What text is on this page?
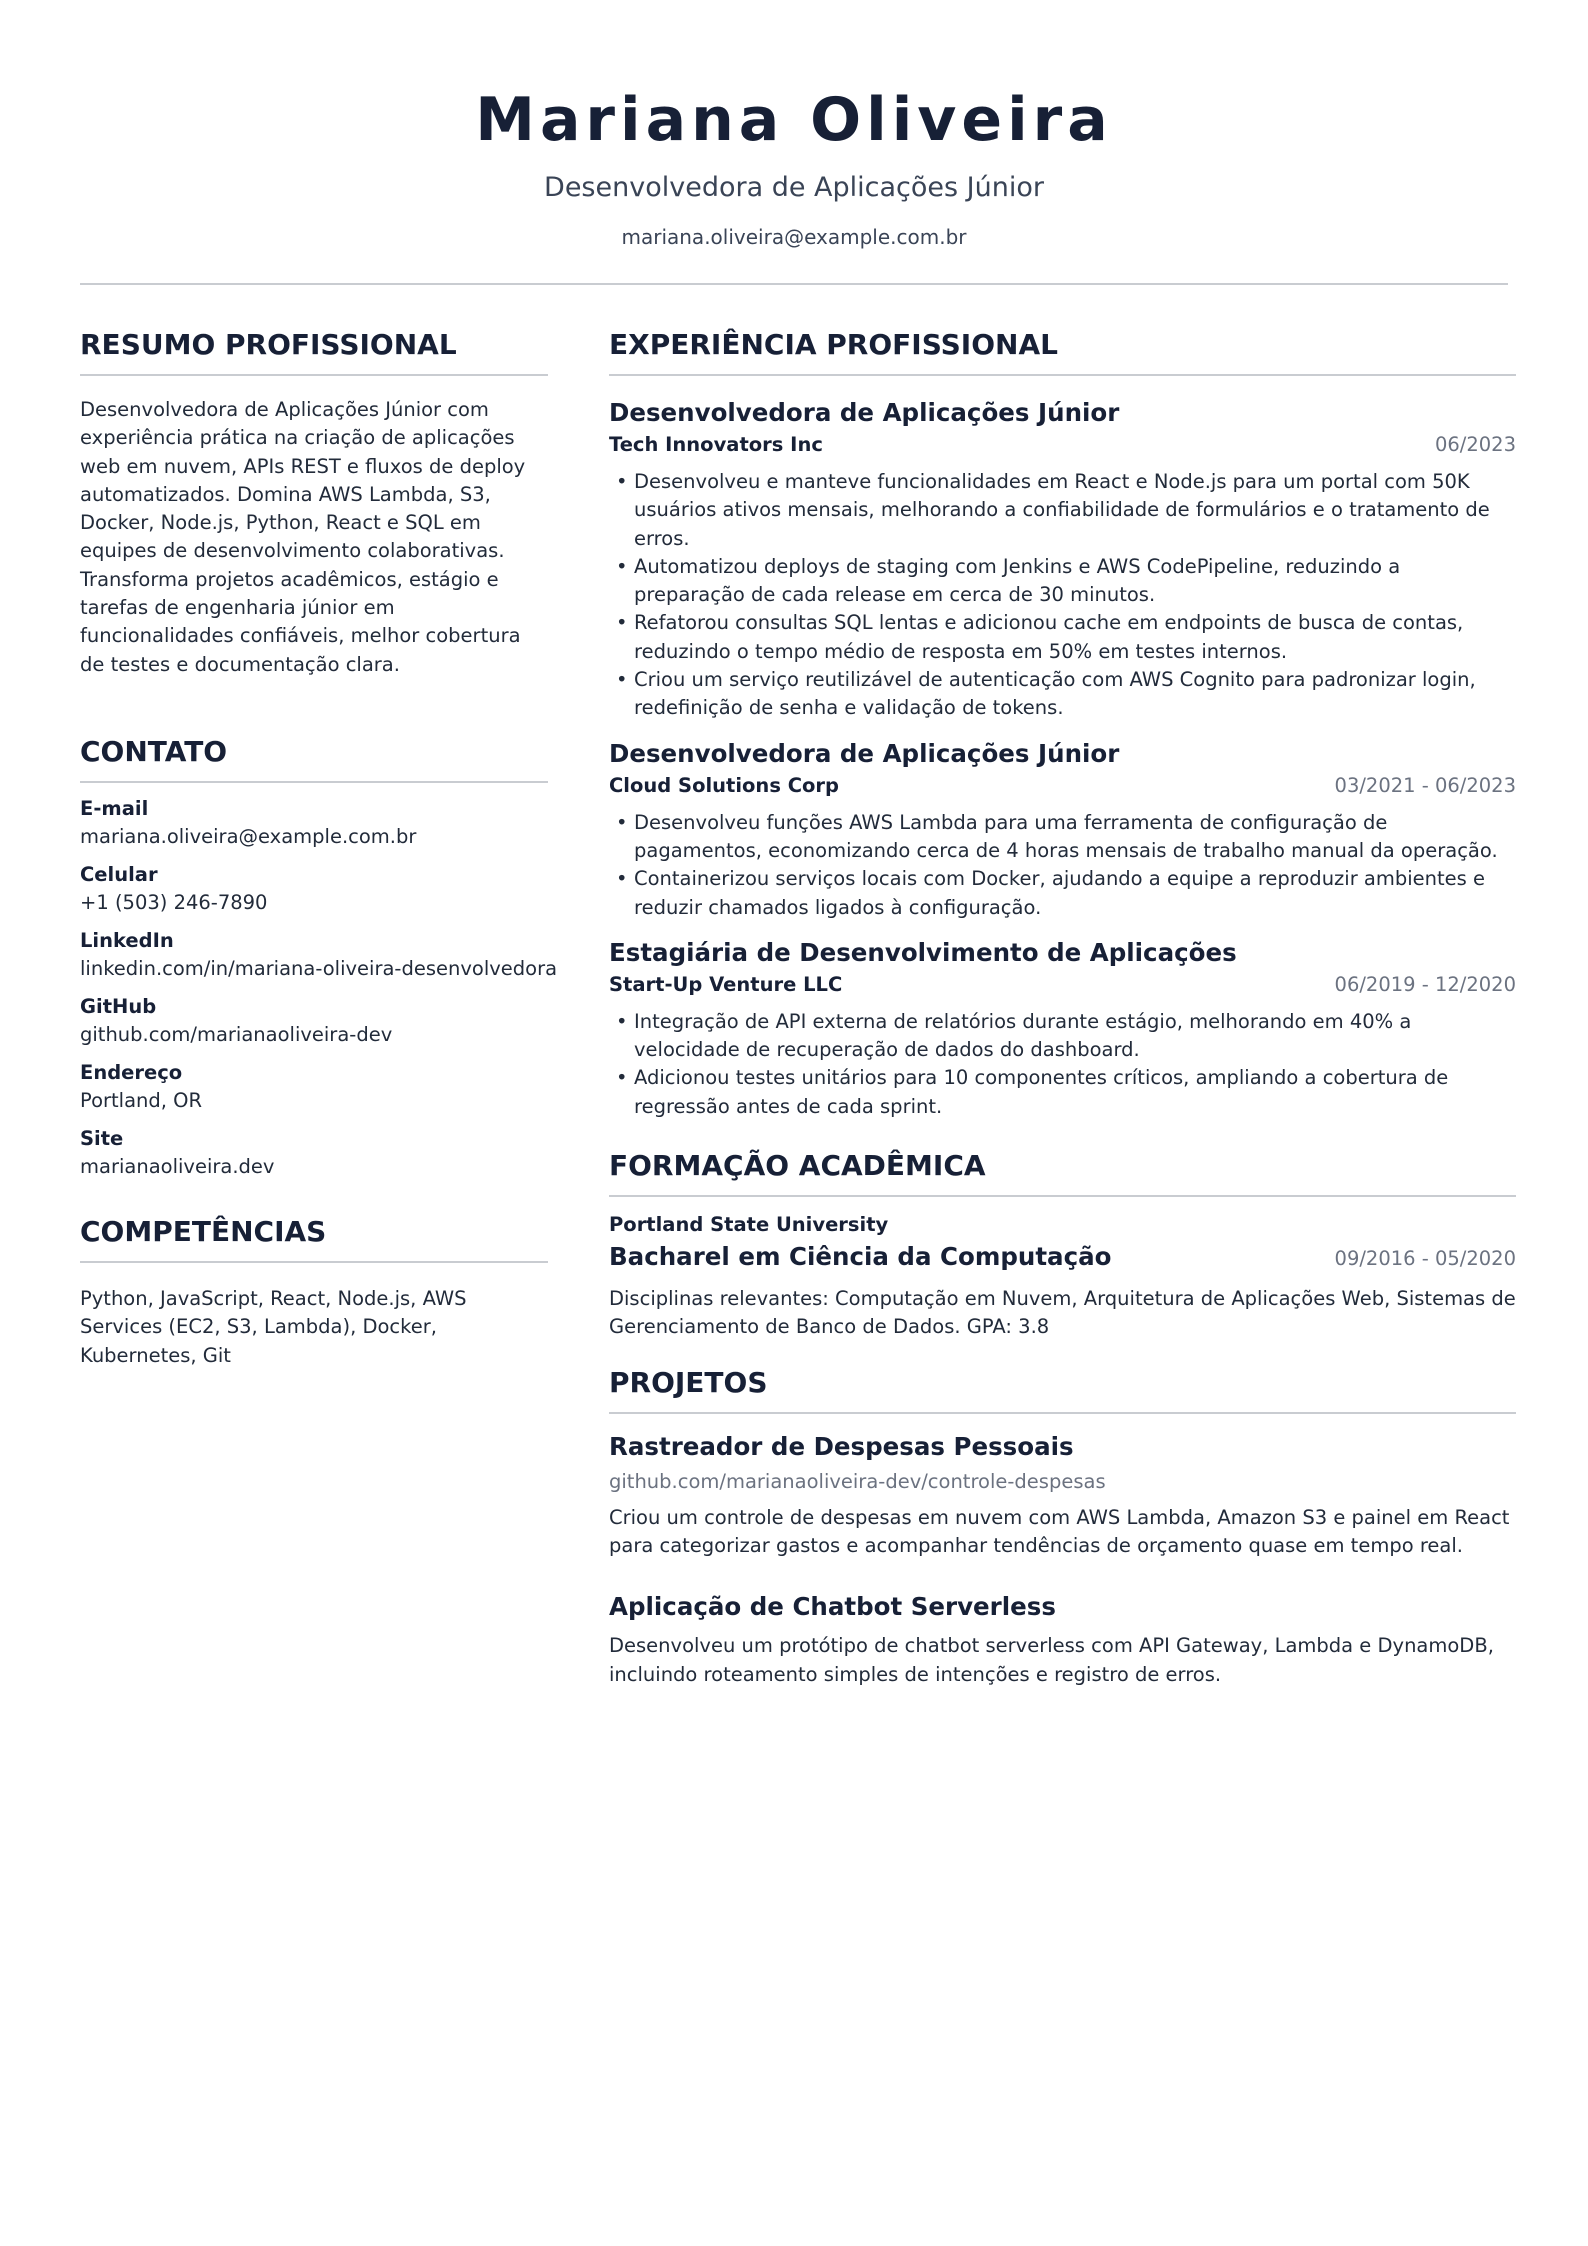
Mariana Oliveira
Desenvolvedora de Aplicações Júnior
mariana.oliveira@example.com.br
RESUMO PROFISSIONAL
Desenvolvedora de Aplicações Júnior com experiência prática na criação de aplicações web em nuvem, APIs REST e fluxos de deploy automatizados. Domina AWS Lambda, S3, Docker, Node.js, Python, React e SQL em equipes de desenvolvimento colaborativas. Transforma projetos acadêmicos, estágio e tarefas de engenharia júnior em funcionalidades confiáveis, melhor cobertura de testes e documentação clara.
CONTATO
E-mail
mariana.oliveira@example.com.br
Celular
+1 (503) 246-7890
LinkedIn
linkedin.com/in/mariana-oliveira-desenvolvedora
GitHub
github.com/marianaoliveira-dev
Endereço
Portland, OR
Site
marianaoliveira.dev
COMPETÊNCIAS
Python, JavaScript, React, Node.js, AWS Services (EC2, S3, Lambda), Docker, Kubernetes, Git
EXPERIÊNCIA PROFISSIONAL
Desenvolvedora de Aplicações Júnior
Tech Innovators Inc	06/2023
• Desenvolveu e manteve funcionalidades em React e Node.js para um portal com 50K usuários ativos mensais, melhorando a confiabilidade de formulários e o tratamento de erros.
• Automatizou deploys de staging com Jenkins e AWS CodePipeline, reduzindo a preparação de cada release em cerca de 30 minutos.
• Refatorou consultas SQL lentas e adicionou cache em endpoints de busca de contas, reduzindo o tempo médio de resposta em 50% em testes internos.
• Criou um serviço reutilizável de autenticação com AWS Cognito para padronizar login, redefinição de senha e validação de tokens.
Desenvolvedora de Aplicações Júnior
Cloud Solutions Corp	03/2021 - 06/2023
• Desenvolveu funções AWS Lambda para uma ferramenta de configuração de pagamentos, economizando cerca de 4 horas mensais de trabalho manual da operação.
• Containerizou serviços locais com Docker, ajudando a equipe a reproduzir ambientes e reduzir chamados ligados à configuração.
Estagiária de Desenvolvimento de Aplicações
Start-Up Venture LLC	06/2019 - 12/2020
• Integração de API externa de relatórios durante estágio, melhorando em 40% a velocidade de recuperação de dados do dashboard.
• Adicionou testes unitários para 10 componentes críticos, ampliando a cobertura de regressão antes de cada sprint.
FORMAÇÃO ACADÊMICA
Portland State University
Bacharel em Ciência da Computação	09/2016 - 05/2020
Disciplinas relevantes: Computação em Nuvem, Arquitetura de Aplicações Web, Sistemas de Gerenciamento de Banco de Dados. GPA: 3.8
PROJETOS
Rastreador de Despesas Pessoais
github.com/marianaoliveira-dev/controle-despesas
Criou um controle de despesas em nuvem com AWS Lambda, Amazon S3 e painel em React para categorizar gastos e acompanhar tendências de orçamento quase em tempo real.
Aplicação de Chatbot Serverless
Desenvolveu um protótipo de chatbot serverless com API Gateway, Lambda e DynamoDB, incluindo roteamento simples de intenções e registro de erros.
